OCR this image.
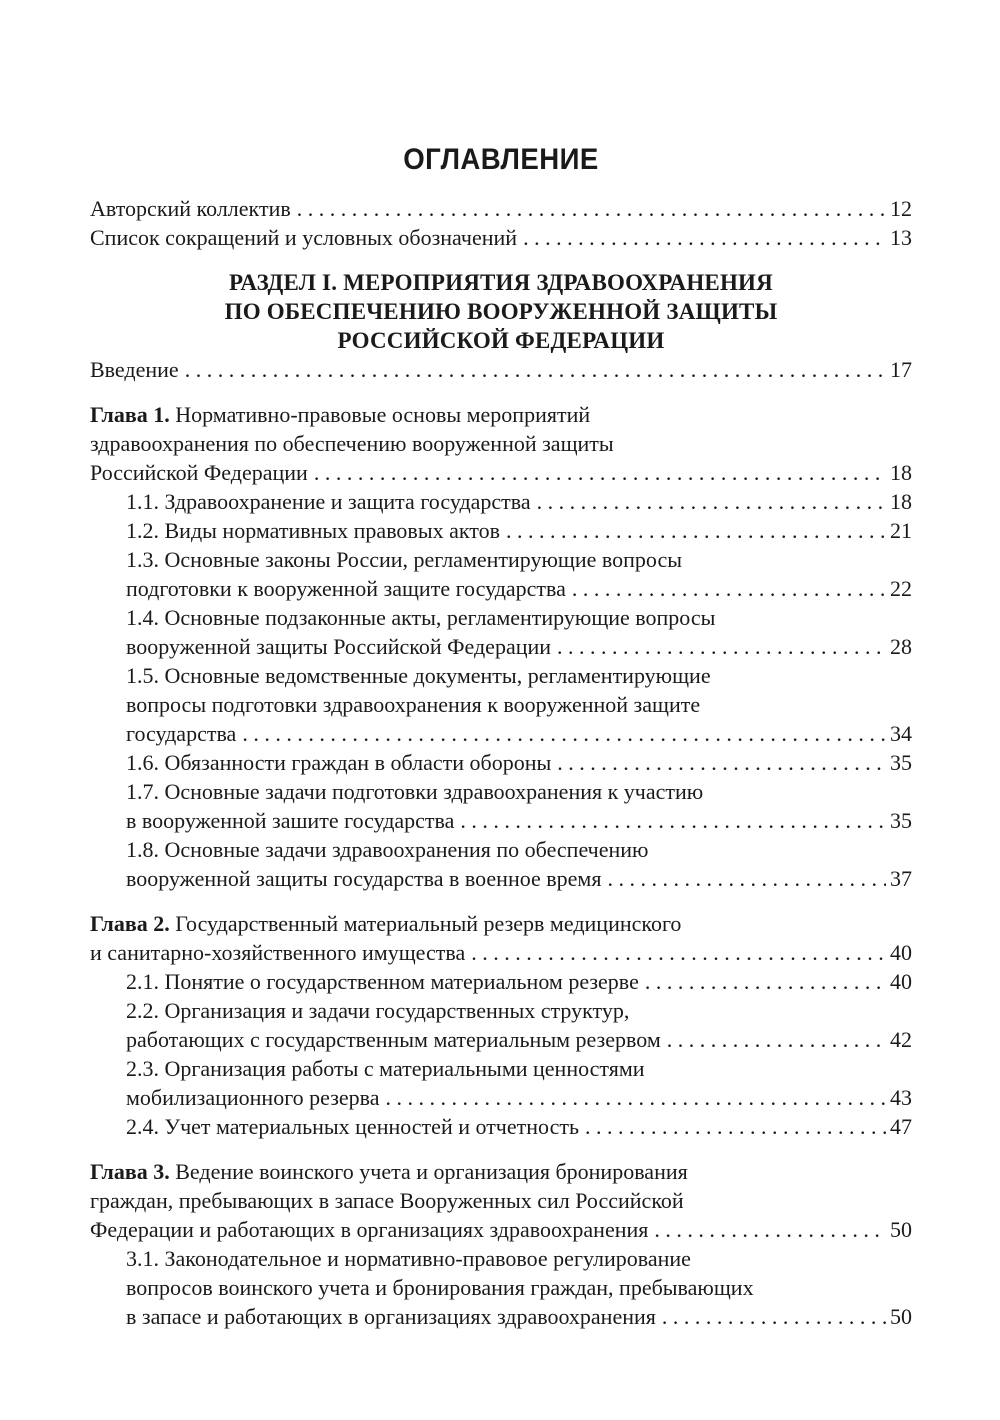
ОГЛАВЛЕНИЕ
Авторский коллектив . . .	12
Список сокращений и условных обозначений . . .	13
РАЗДЕЛ I. МЕРОПРИЯТИЯ ЗДРАВООХРАНЕНИЯ
ПО ОБЕСПЕЧЕНИЮ ВООРУЖЕННОЙ ЗАЩИТЫ
РОССИЙСКОЙ ФЕДЕРАЦИИ
Введение . . .	17
Глава 1. Нормативно-правовые основы мероприятий
здравоохранения по обеспечению вооруженной защиты
Российской Федерации . . .	18
1.1. Здравоохранение и защита государства . . .	18
1.2. Виды нормативных правовых актов . . .	21
1.3. Основные законы России, регламентирующие вопросы
подготовки к вооруженной защите государства . . .	22
1.4. Основные подзаконные акты, регламентирующие вопросы
вооруженной защиты Российской Федерации . . .	28
1.5. Основные ведомственные документы, регламентирующие
вопросы подготовки здравоохранения к вооруженной защите
государства . . .	34
1.6. Обязанности граждан в области обороны . . .	35
1.7. Основные задачи подготовки здравоохранения к участию
в вооруженной зашите государства . . .	35
1.8. Основные задачи здравоохранения по обеспечению
вооруженной защиты государства в военное время . . .	37
Глава 2. Государственный материальный резерв медицинского
и санитарно-хозяйственного имущества . . .	40
2.1. Понятие о государственном материальном резерве . . .	40
2.2. Организация и задачи государственных структур,
работающих с государственным материальным резервом . . .	42
2.3. Организация работы с материальными ценностями
мобилизационного резерва . . .	43
2.4. Учет материальных ценностей и отчетность . . .	47
Глава 3. Ведение воинского учета и организация бронирования
граждан, пребывающих в запасе Вооруженных сил Российской
Федерации и работающих в организациях здравоохранения . . .	50
3.1. Законодательное и нормативно-правовое регулирование
вопросов воинского учета и бронирования граждан, пребывающих
в запасе и работающих в организациях здравоохранения . . .	50
